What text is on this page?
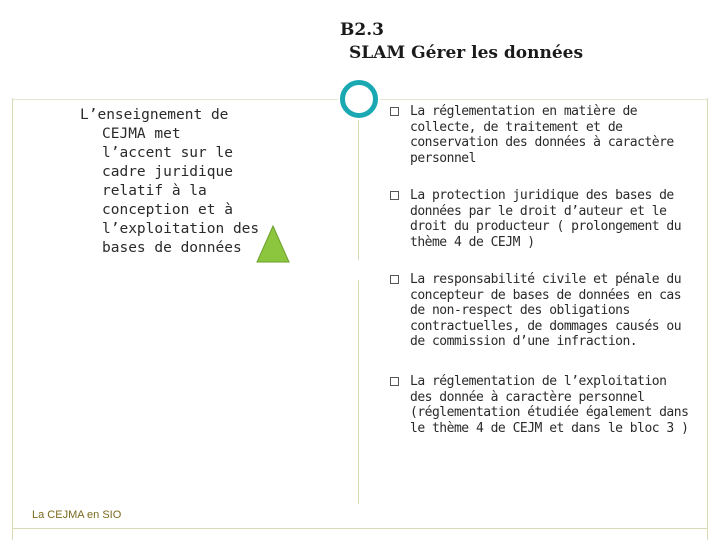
B2.3
SLAM Gérer les données
L’enseignement de
CEJMA met
l’accent sur le
cadre juridique
relatif à la
conception et à
l’exploitation des
bases de données
La réglementation en matière de collecte, de traitement et de conservation des données à caractère personnel
La protection juridique des bases de données par le droit d’auteur et le droit du producteur ( prolongement du thème 4 de CEJM )
La responsabilité civile et pénale du concepteur de bases de données en cas de non-respect des obligations contractuelles, de dommages causés ou de commission d’une infraction.
La réglementation de l’exploitation des donnée à caractère personnel (réglementation étudiée également dans le thème 4 de CEJM et dans le bloc 3 )
La CEJMA en SIO
